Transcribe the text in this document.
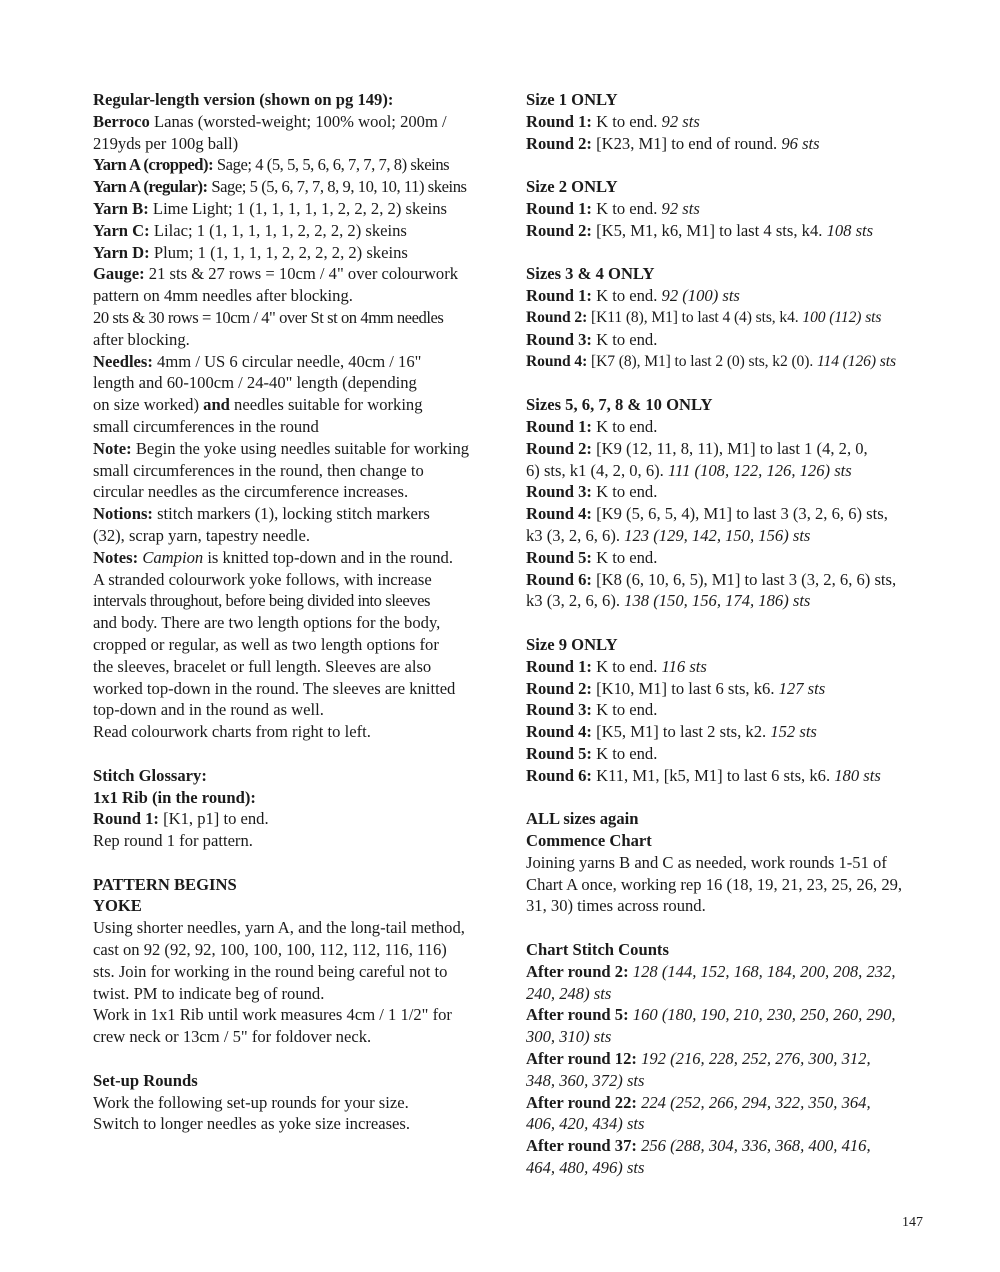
Regular-length version (shown on pg 149):
Berroco Lanas (worsted-weight; 100% wool; 200m /
219yds per 100g ball)
Yarn A (cropped): Sage; 4 (5, 5, 5, 6, 6, 7, 7, 7, 8) skeins
Yarn A (regular): Sage; 5 (5, 6, 7, 7, 8, 9, 10, 10, 11) skeins
Yarn B: Lime Light; 1 (1, 1, 1, 1, 1, 2, 2, 2, 2) skeins
Yarn C: Lilac; 1 (1, 1, 1, 1, 1, 2, 2, 2, 2) skeins
Yarn D: Plum; 1 (1, 1, 1, 1, 2, 2, 2, 2, 2) skeins
Gauge: 21 sts & 27 rows = 10cm / 4" over colourwork
pattern on 4mm needles after blocking.
20 sts & 30 rows = 10cm / 4" over St st on 4mm needles
after blocking.
Needles: 4mm / US 6 circular needle, 40cm / 16"
length and 60-100cm / 24-40" length (depending
on size worked) and needles suitable for working
small circumferences in the round
Note: Begin the yoke using needles suitable for working
small circumferences in the round, then change to
circular needles as the circumference increases.
Notions: stitch markers (1), locking stitch markers
(32), scrap yarn, tapestry needle.
Notes: Campion is knitted top-down and in the round.
A stranded colourwork yoke follows, with increase
intervals throughout, before being divided into sleeves
and body. There are two length options for the body,
cropped or regular, as well as two length options for
the sleeves, bracelet or full length. Sleeves are also
worked top-down in the round. The sleeves are knitted
top-down and in the round as well.
Read colourwork charts from right to left.
Stitch Glossary:
1x1 Rib (in the round):
Round 1: [K1, p1] to end.
Rep round 1 for pattern.
PATTERN BEGINS
YOKE
Using shorter needles, yarn A, and the long-tail method,
cast on 92 (92, 92, 100, 100, 100, 112, 112, 116, 116)
sts. Join for working in the round being careful not to
twist. PM to indicate beg of round.
Work in 1x1 Rib until work measures 4cm / 1 1/2" for
crew neck or 13cm / 5" for foldover neck.
Set-up Rounds
Work the following set-up rounds for your size.
Switch to longer needles as yoke size increases.
Size 1 ONLY
Round 1: K to end. 92 sts
Round 2: [K23, M1] to end of round. 96 sts
Size 2 ONLY
Round 1: K to end. 92 sts
Round 2: [K5, M1, k6, M1] to last 4 sts, k4. 108 sts
Sizes 3 & 4 ONLY
Round 1: K to end. 92 (100) sts
Round 2: [K11 (8), M1] to last 4 (4) sts, k4. 100 (112) sts
Round 3: K to end.
Round 4: [K7 (8), M1] to last 2 (0) sts, k2 (0). 114 (126) sts
Sizes 5, 6, 7, 8 & 10 ONLY
Round 1: K to end.
Round 2: [K9 (12, 11, 8, 11), M1] to last 1 (4, 2, 0,
6) sts, k1 (4, 2, 0, 6). 111 (108, 122, 126, 126) sts
Round 3: K to end.
Round 4: [K9 (5, 6, 5, 4), M1] to last 3 (3, 2, 6, 6) sts,
k3 (3, 2, 6, 6). 123 (129, 142, 150, 156) sts
Round 5: K to end.
Round 6: [K8 (6, 10, 6, 5), M1] to last 3 (3, 2, 6, 6) sts,
k3 (3, 2, 6, 6). 138 (150, 156, 174, 186) sts
Size 9 ONLY
Round 1: K to end. 116 sts
Round 2: [K10, M1] to last 6 sts, k6. 127 sts
Round 3: K to end.
Round 4: [K5, M1] to last 2 sts, k2. 152 sts
Round 5: K to end.
Round 6: K11, M1, [k5, M1] to last 6 sts, k6. 180 sts
ALL sizes again
Commence Chart
Joining yarns B and C as needed, work rounds 1-51 of
Chart A once, working rep 16 (18, 19, 21, 23, 25, 26, 29,
31, 30) times across round.
Chart Stitch Counts
After round 2: 128 (144, 152, 168, 184, 200, 208, 232,
240, 248) sts
After round 5: 160 (180, 190, 210, 230, 250, 260, 290,
300, 310) sts
After round 12: 192 (216, 228, 252, 276, 300, 312,
348, 360, 372) sts
After round 22: 224 (252, 266, 294, 322, 350, 364,
406, 420, 434) sts
After round 37: 256 (288, 304, 336, 368, 400, 416,
464, 480, 496) sts
147
